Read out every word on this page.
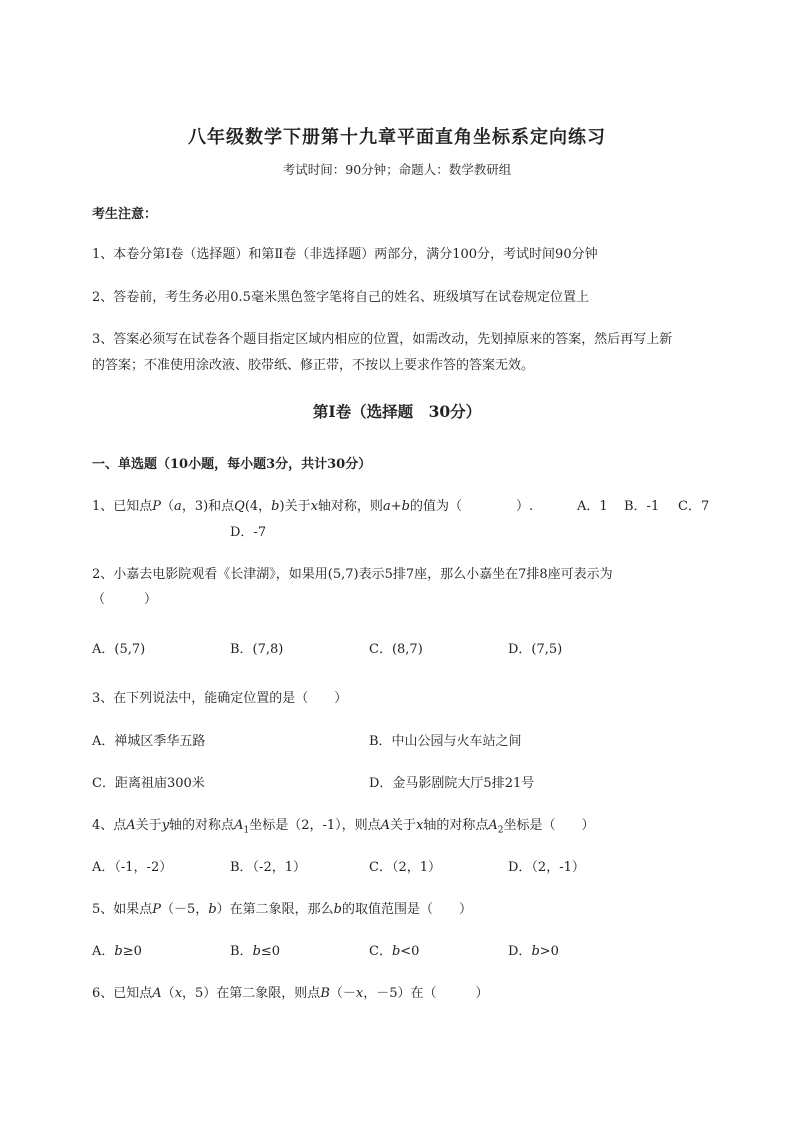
八年级数学下册第十九章平面直角坐标系定向练习
考试时间：90分钟；命题人：数学教研组
考生注意：
1、本卷分第Ⅰ卷（选择题）和第Ⅱ卷（非选择题）两部分，满分100分，考试时间90分钟
2、答卷前，考生务必用0.5毫米黑色签字笔将自己的姓名、班级填写在试卷规定位置上
3、答案必须写在试卷各个题目指定区域内相应的位置，如需改动，先划掉原来的答案，然后再写上新
的答案；不准使用涂改液、胶带纸、修正带，不按以上要求作答的答案无效。
第Ⅰ卷（选择题　30分）
一、单选题（10小题，每小题3分，共计30分）
1、已知点P（a，3)和点Q(4，b)关于x轴对称，则a+b的值为（	）.	A．1 B．-1 C．7
D．-7
2、小嘉去电影院观看《长津湖》，如果用(5,7)表示5排7座，那么小嘉坐在7排8座可表示为
（　　　）
A．(5,7)	B．(7,8)	C．(8,7)	D．(7,5)
3、在下列说法中，能确定位置的是（　　）
A．禅城区季华五路	B．中山公园与火车站之间
C．距离祖庙300米	D．金马影剧院大厅5排21号
4、点A关于y轴的对称点$A_1$坐标是（2，-1），则点A关于x轴的对称点$A_2$坐标是（　　）
A．（-1，-2）	B．（-2，1）	C．（2，1）	D．（2，-1）
5、如果点P（－5，b）在第二象限，那么b的取值范围是（　　）
A．b≥0	B．b≤0	C．b<0	D．b>0
6、已知点A（x，5）在第二象限，则点B（－x，－5）在（　　　）
